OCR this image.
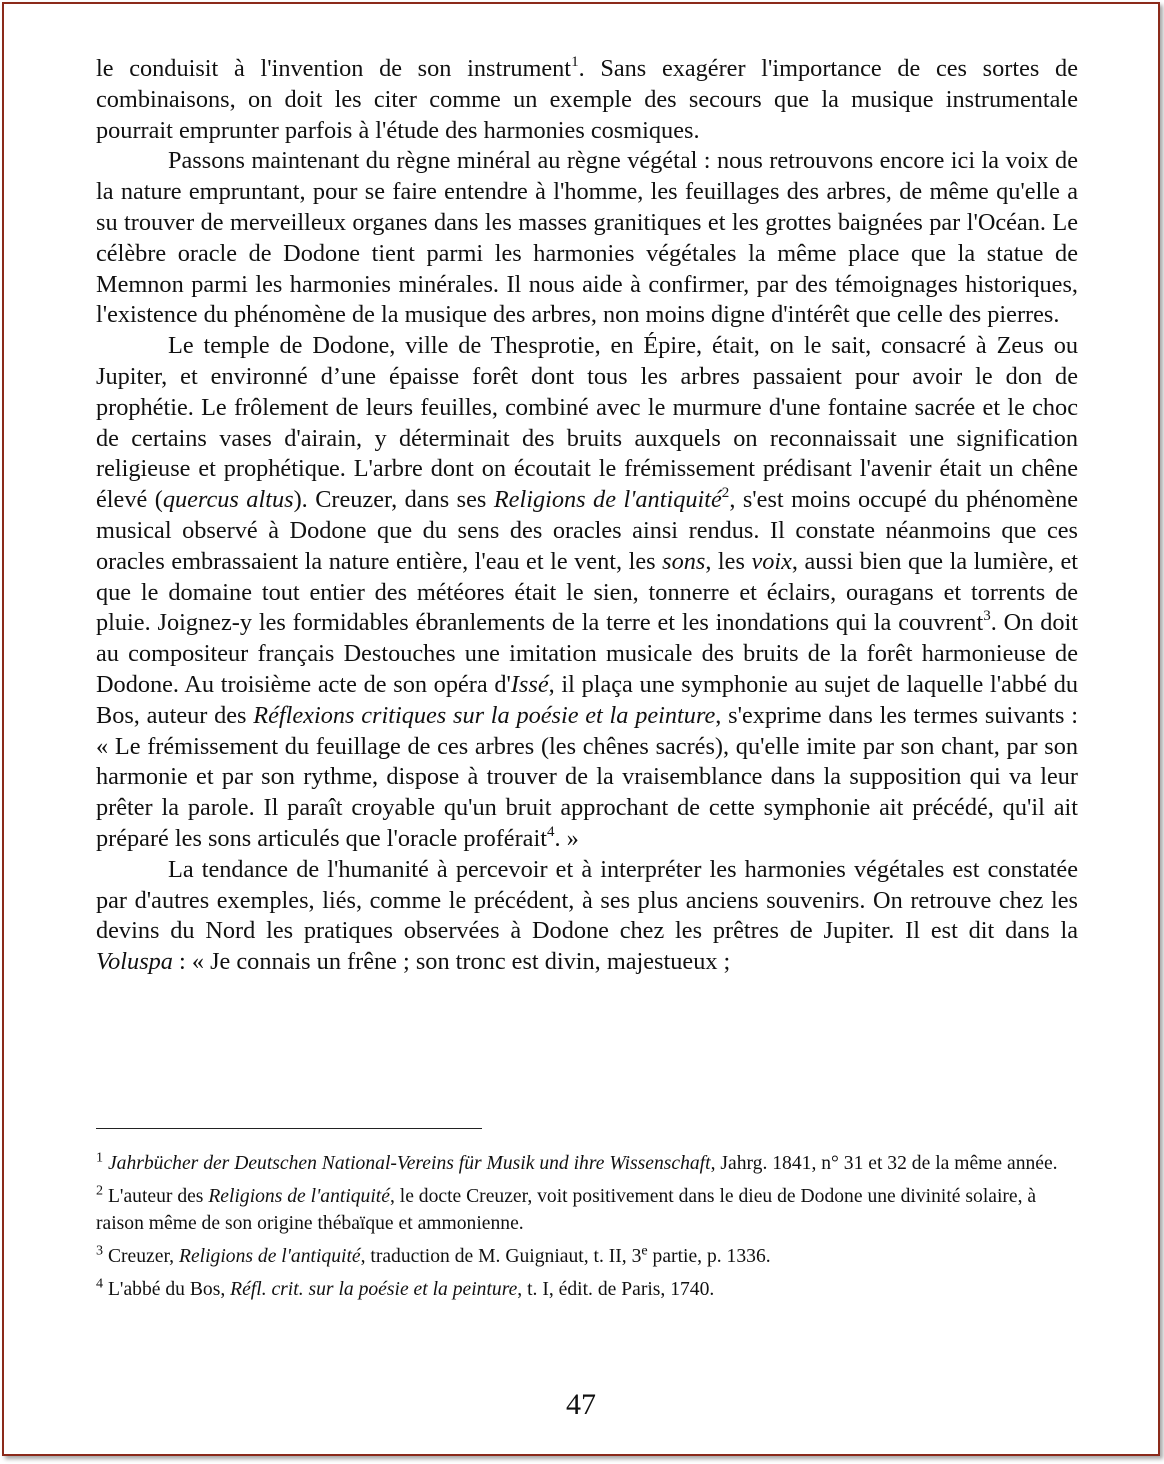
le conduisit à l'invention de son instrument$^1$. Sans exagérer l'importance de ces sortes de combinaisons, on doit les citer comme un exemple des secours que la musique instrumentale pourrait emprunter parfois à l'étude des harmonies cosmiques.

Passons maintenant du règne minéral au règne végétal : nous retrouvons encore ici la voix de la nature empruntant, pour se faire entendre à l'homme, les feuillages des arbres, de même qu'elle a su trouver de merveilleux organes dans les masses granitiques et les grottes baignées par l'Océan. Le célèbre oracle de Dodone tient parmi les harmonies végétales la même place que la statue de Memnon parmi les harmonies minérales. Il nous aide à confirmer, par des témoignages historiques, l'existence du phénomène de la musique des arbres, non moins digne d'intérêt que celle des pierres.

Le temple de Dodone, ville de Thesprotie, en Épire, était, on le sait, consacré à Zeus ou Jupiter, et environné d’une épaisse forêt dont tous les arbres passaient pour avoir le don de prophétie. Le frôlement de leurs feuilles, combiné avec le murmure d'une fontaine sacrée et le choc de certains vases d'airain, y déterminait des bruits auxquels on reconnaissait une signification religieuse et prophétique. L'arbre dont on écoutait le frémissement prédisant l'avenir était un chêne élevé (quercus altus). Creuzer, dans ses Religions de l'antiquité$^2$, s'est moins occupé du phénomène musical observé à Dodone que du sens des oracles ainsi rendus. Il constate néanmoins que ces oracles embrassaient la nature entière, l'eau et le vent, les sons, les voix, aussi bien que la lumière, et que le domaine tout entier des météores était le sien, tonnerre et éclairs, ouragans et torrents de pluie. Joignez-y les formidables ébranlements de la terre et les inondations qui la couvrent$^3$. On doit au compositeur français Destouches une imitation musicale des bruits de la forêt harmonieuse de Dodone. Au troisième acte de son opéra d'Issé, il plaça une symphonie au sujet de laquelle l'abbé du Bos, auteur des Réflexions critiques sur la poésie et la peinture, s'exprime dans les termes suivants : « Le frémissement du feuillage de ces arbres (les chênes sacrés), qu'elle imite par son chant, par son harmonie et par son rythme, dispose à trouver de la vraisemblance dans la supposition qui va leur prêter la parole. Il paraît croyable qu'un bruit approchant de cette symphonie ait précédé, qu'il ait préparé les sons articulés que l'oracle proférait$^4$. »

La tendance de l'humanité à percevoir et à interpréter les harmonies végétales est constatée par d'autres exemples, liés, comme le précédent, à ses plus anciens souvenirs. On retrouve chez les devins du Nord les pratiques observées à Dodone chez les prêtres de Jupiter. Il est dit dans la Voluspa : « Je connais un frêne ; son tronc est divin, majestueux ;

$^1$ Jahrbücher der Deutschen National-Vereins für Musik und ihre Wissenschaft, Jahrg. 1841, n° 31 et 32 de la même année.

$^2$ L'auteur des Religions de l'antiquité, le docte Creuzer, voit positivement dans le dieu de Dodone une divinité solaire, à raison même de son origine thébaïque et ammonienne.

$^3$ Creuzer, Religions de l'antiquité, traduction de M. Guigniaut, t. II, 3e partie, p. 1336.

$^4$ L'abbé du Bos, Réfl. crit. sur la poésie et la peinture, t. I, édit. de Paris, 1740.

47
